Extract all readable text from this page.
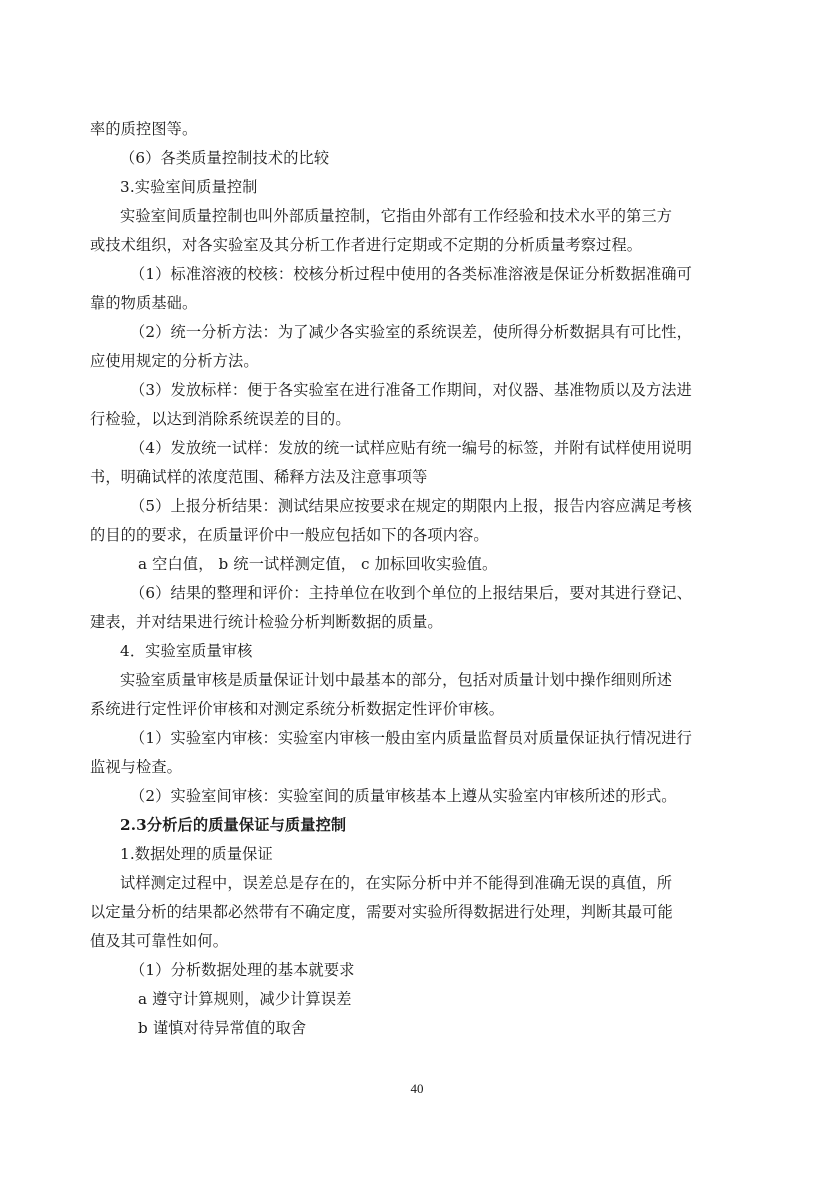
率的质控图等。
（6）各类质量控制技术的比较
3.实验室间质量控制
实验室间质量控制也叫外部质量控制，它指由外部有工作经验和技术水平的第三方
或技术组织，对各实验室及其分析工作者进行定期或不定期的分析质量考察过程。
（1）标准溶液的校核：校核分析过程中使用的各类标准溶液是保证分析数据准确可
靠的物质基础。
（2）统一分析方法：为了减少各实验室的系统误差，使所得分析数据具有可比性，
应使用规定的分析方法。
（3）发放标样：便于各实验室在进行准备工作期间，对仪器、基准物质以及方法进
行检验，以达到消除系统误差的目的。
（4）发放统一试样：发放的统一试样应贴有统一编号的标签，并附有试样使用说明
书，明确试样的浓度范围、稀释方法及注意事项等
（5）上报分析结果：测试结果应按要求在规定的期限内上报，报告内容应满足考核
的目的的要求，在质量评价中一般应包括如下的各项内容。
a 空白值， b 统一试样测定值， c 加标回收实验值。
（6）结果的整理和评价：主持单位在收到个单位的上报结果后，要对其进行登记、
建表，并对结果进行统计检验分析判断数据的质量。
4．实验室质量审核
实验室质量审核是质量保证计划中最基本的部分，包括对质量计划中操作细则所述
系统进行定性评价审核和对测定系统分析数据定性评价审核。
（1）实验室内审核：实验室内审核一般由室内质量监督员对质量保证执行情况进行
监视与检查。
（2）实验室间审核：实验室间的质量审核基本上遵从实验室内审核所述的形式。
2.3分析后的质量保证与质量控制
1.数据处理的质量保证
试样测定过程中，误差总是存在的，在实际分析中并不能得到准确无误的真值，所
以定量分析的结果都必然带有不确定度，需要对实验所得数据进行处理，判断其最可能
值及其可靠性如何。
（1）分析数据处理的基本就要求
a 遵守计算规则，减少计算误差
b 谨慎对待异常值的取舍
40
